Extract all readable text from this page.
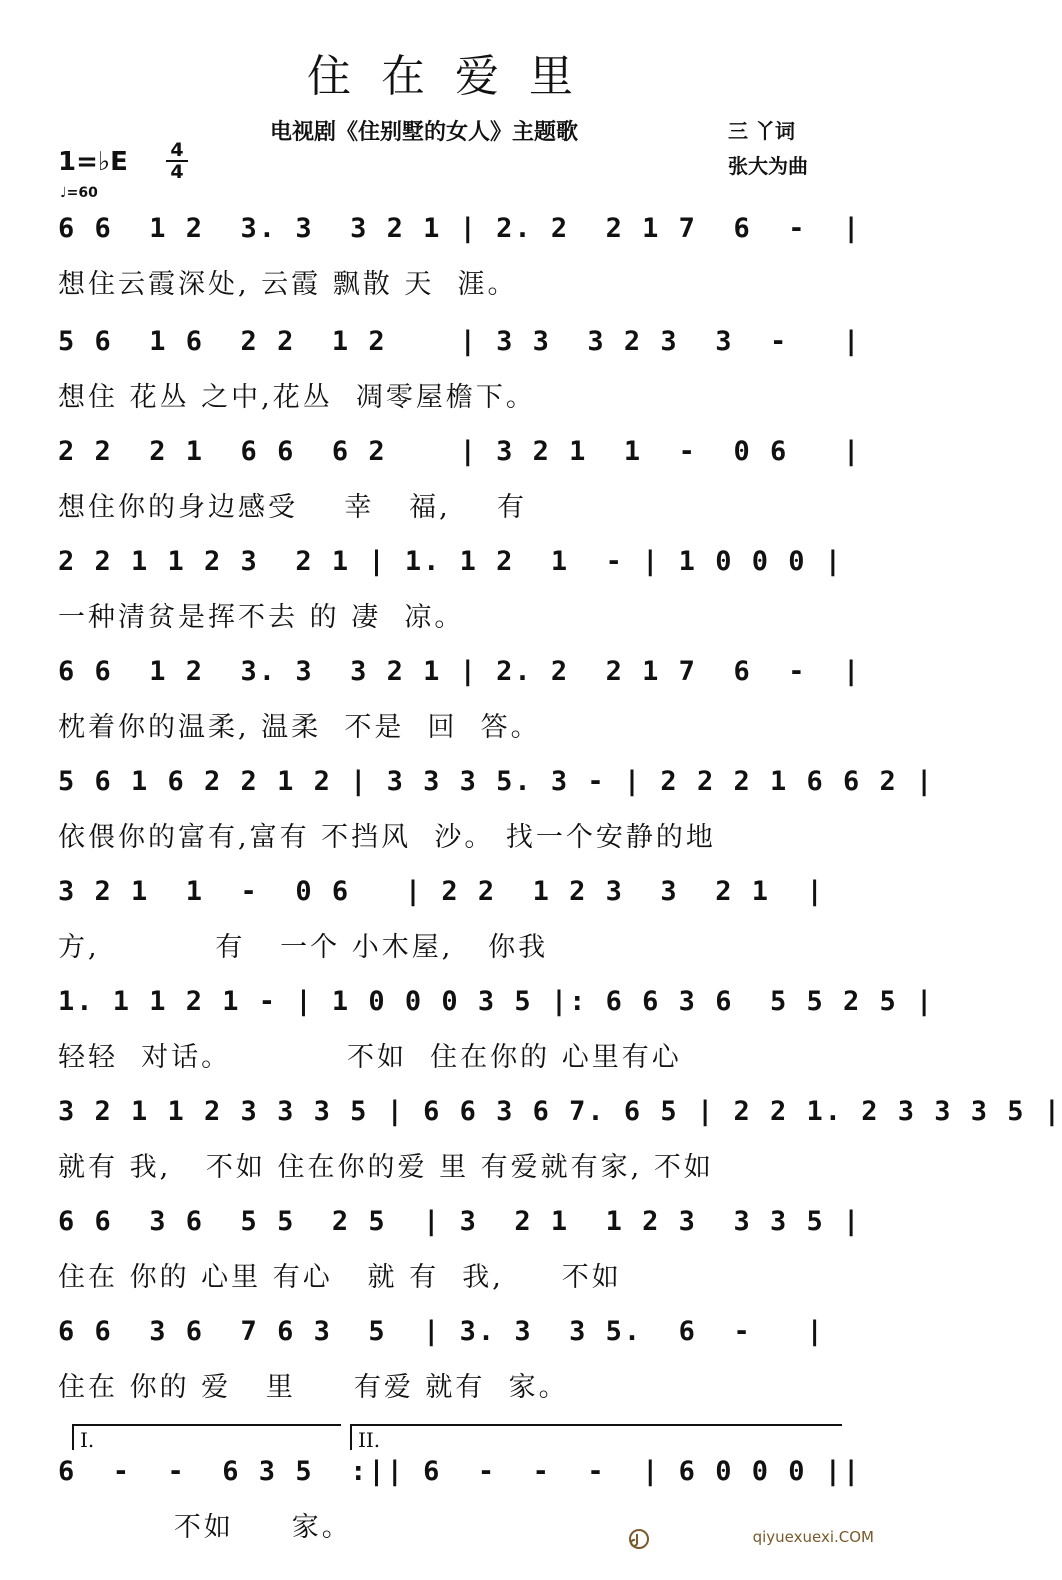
住在爱里
电视剧《住别墅的女人》主题歌	三 丫词
张大为曲
1=♭E 4
4
♩=60
6 6  1 2  3. 3  3 2 1 | 2. 2  2 1 7  6  -  |
想住云霞深处, 云霞 飘散 天  涯。
5 6  1 6  2 2  1 2    | 3 3  3 2 3  3  -   |
想住 花丛 之中,花丛  凋零屋檐下。
2 2  2 1  6 6  6 2    | 3 2 1  1  -  0 6   |
想住你的身边感受    幸   福,    有
2 2 1 1 2 3  2 1 | 1. 1 2  1  - | 1 0 0 0 |
一种清贫是挥不去 的 凄  凉。
6 6  1 2  3. 3  3 2 1 | 2. 2  2 1 7  6  -  |
枕着你的温柔, 温柔  不是  回  答。
5 6 1 6 2 2 1 2 | 3 3 3 5. 3 - | 2 2 2 1 6 6 2 |
依偎你的富有,富有 不挡风  沙。 找一个安静的地
3 2 1  1  -  0 6   | 2 2  1 2 3  3  2 1  |
方,          有   一个 小木屋,   你我
1. 1 1 2 1 - | 1 0 0 0 3 5 |: 6 6 3 6  5 5 2 5 |
轻轻  对话。          不如  住在你的 心里有心
3 2 1 1 2 3 3 3 5 | 6 6 3 6 7. 6 5 | 2 2 1. 2 3 3 3 5 |
就有 我,   不如 住在你的爱 里 有爱就有家, 不如
6 6  3 6  5 5  2 5  | 3  2 1  1 2 3  3 3 5 |
住在 你的 心里 有心   就 有  我,     不如
6 6  3 6  7 6 3  5  | 3. 3  3 5.  6  -   |
住在 你的 爱   里     有爱 就有  家。
I.	II.
6  -  -  6 3 5  :|| 6  -  -  -  | 6 0 0 0 ||
不如     家。	qiyuexuexi.COM
